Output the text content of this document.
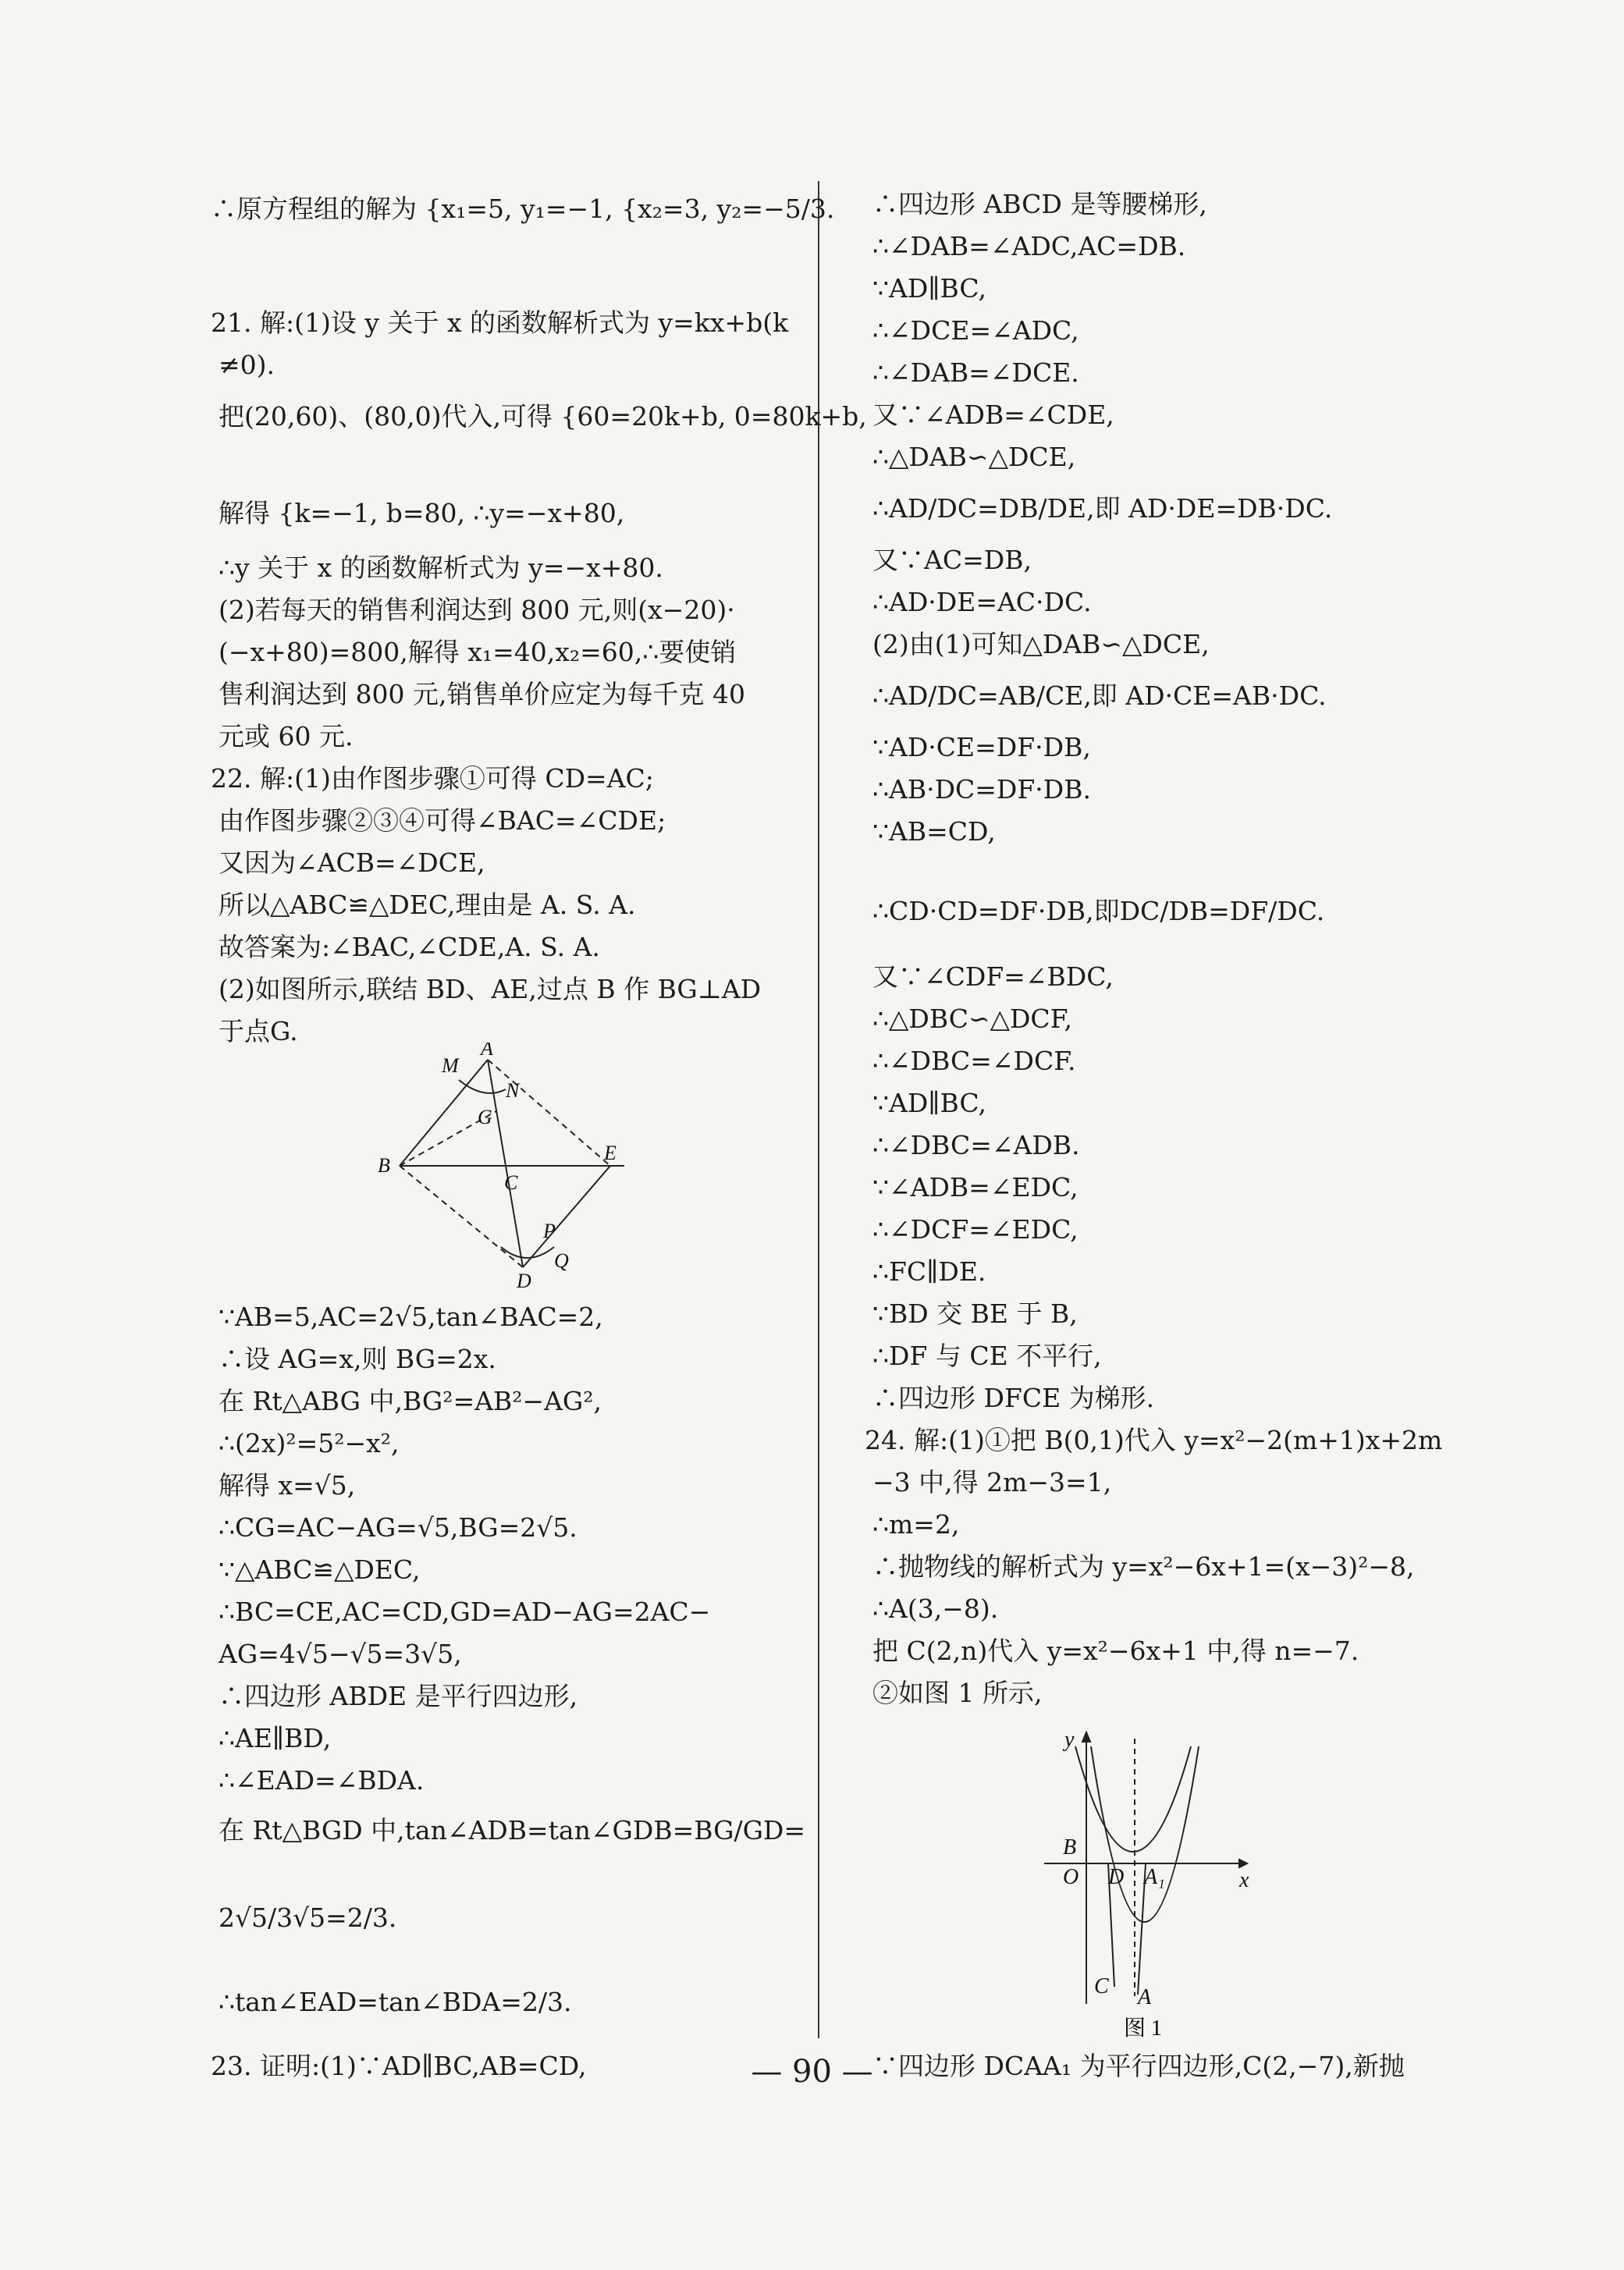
∴原方程组的解为 {x₁=5, y₁=−1, {x₂=3, y₂=−5/3.
21. 解:(1)设 y 关于 x 的函数解析式为 y=kx+b(k
≠0).
把(20,60)、(80,0)代入,可得 {60=20k+b, 0=80k+b,
解得 {k=−1, b=80, ∴y=−x+80,
∴y 关于 x 的函数解析式为 y=−x+80.
(2)若每天的销售利润达到 800 元,则(x−20)·
(−x+80)=800,解得 x₁=40,x₂=60,∴要使销
售利润达到 800 元,销售单价应定为每千克 40
元或 60 元.
22. 解:(1)由作图步骤①可得 CD=AC;
由作图步骤②③④可得∠BAC=∠CDE;
又因为∠ACB=∠DCE,
所以△ABC≌△DEC,理由是 A. S. A.
故答案为:∠BAC,∠CDE,A. S. A.
(2)如图所示,联结 BD、AE,过点 B 作 BG⊥AD
于点G.
M
A
N
G
B
C
E
P
Q
D
∵AB=5,AC=2√5,tan∠BAC=2,
∴设 AG=x,则 BG=2x.
在 Rt△ABG 中,BG²=AB²−AG²,
∴(2x)²=5²−x²,
解得 x=√5,
∴CG=AC−AG=√5,BG=2√5.
∵△ABC≌△DEC,
∴BC=CE,AC=CD,GD=AD−AG=2AC−
AG=4√5−√5=3√5,
∴四边形 ABDE 是平行四边形,
∴AE∥BD,
∴∠EAD=∠BDA.
在 Rt△BGD 中,tan∠ADB=tan∠GDB=BG/GD=
2√5/3√5=2/3.
∴tan∠EAD=tan∠BDA=2/3.
23. 证明:(1)∵AD∥BC,AB=CD,
∴四边形 ABCD 是等腰梯形,
∴∠DAB=∠ADC,AC=DB.
∵AD∥BC,
∴∠DCE=∠ADC,
∴∠DAB=∠DCE.
又∵∠ADB=∠CDE,
∴△DAB∽△DCE,
∴AD/DC=DB/DE,即 AD·DE=DB·DC.
又∵AC=DB,
∴AD·DE=AC·DC.
(2)由(1)可知△DAB∽△DCE,
∴AD/DC=AB/CE,即 AD·CE=AB·DC.
∵AD·CE=DF·DB,
∴AB·DC=DF·DB.
∵AB=CD,
∴CD·CD=DF·DB,即DC/DB=DF/DC.
又∵∠CDF=∠BDC,
∴△DBC∽△DCF,
∴∠DBC=∠DCF.
∵AD∥BC,
∴∠DBC=∠ADB.
∵∠ADB=∠EDC,
∴∠DCF=∠EDC,
∴FC∥DE.
∵BD 交 BE 于 B,
∴DF 与 CE 不平行,
∴四边形 DFCE 为梯形.
24. 解:(1)①把 B(0,1)代入 y=x²−2(m+1)x+2m
−3 中,得 2m−3=1,
∴m=2,
∴抛物线的解析式为 y=x²−6x+1=(x−3)²−8,
∴A(3,−8).
把 C(2,n)代入 y=x²−6x+1 中,得 n=−7.
②如图 1 所示,
y
B
O D A₁	x
C A
图 1
∵四边形 DCAA₁ 为平行四边形,C(2,−7),新抛
— 90 —
